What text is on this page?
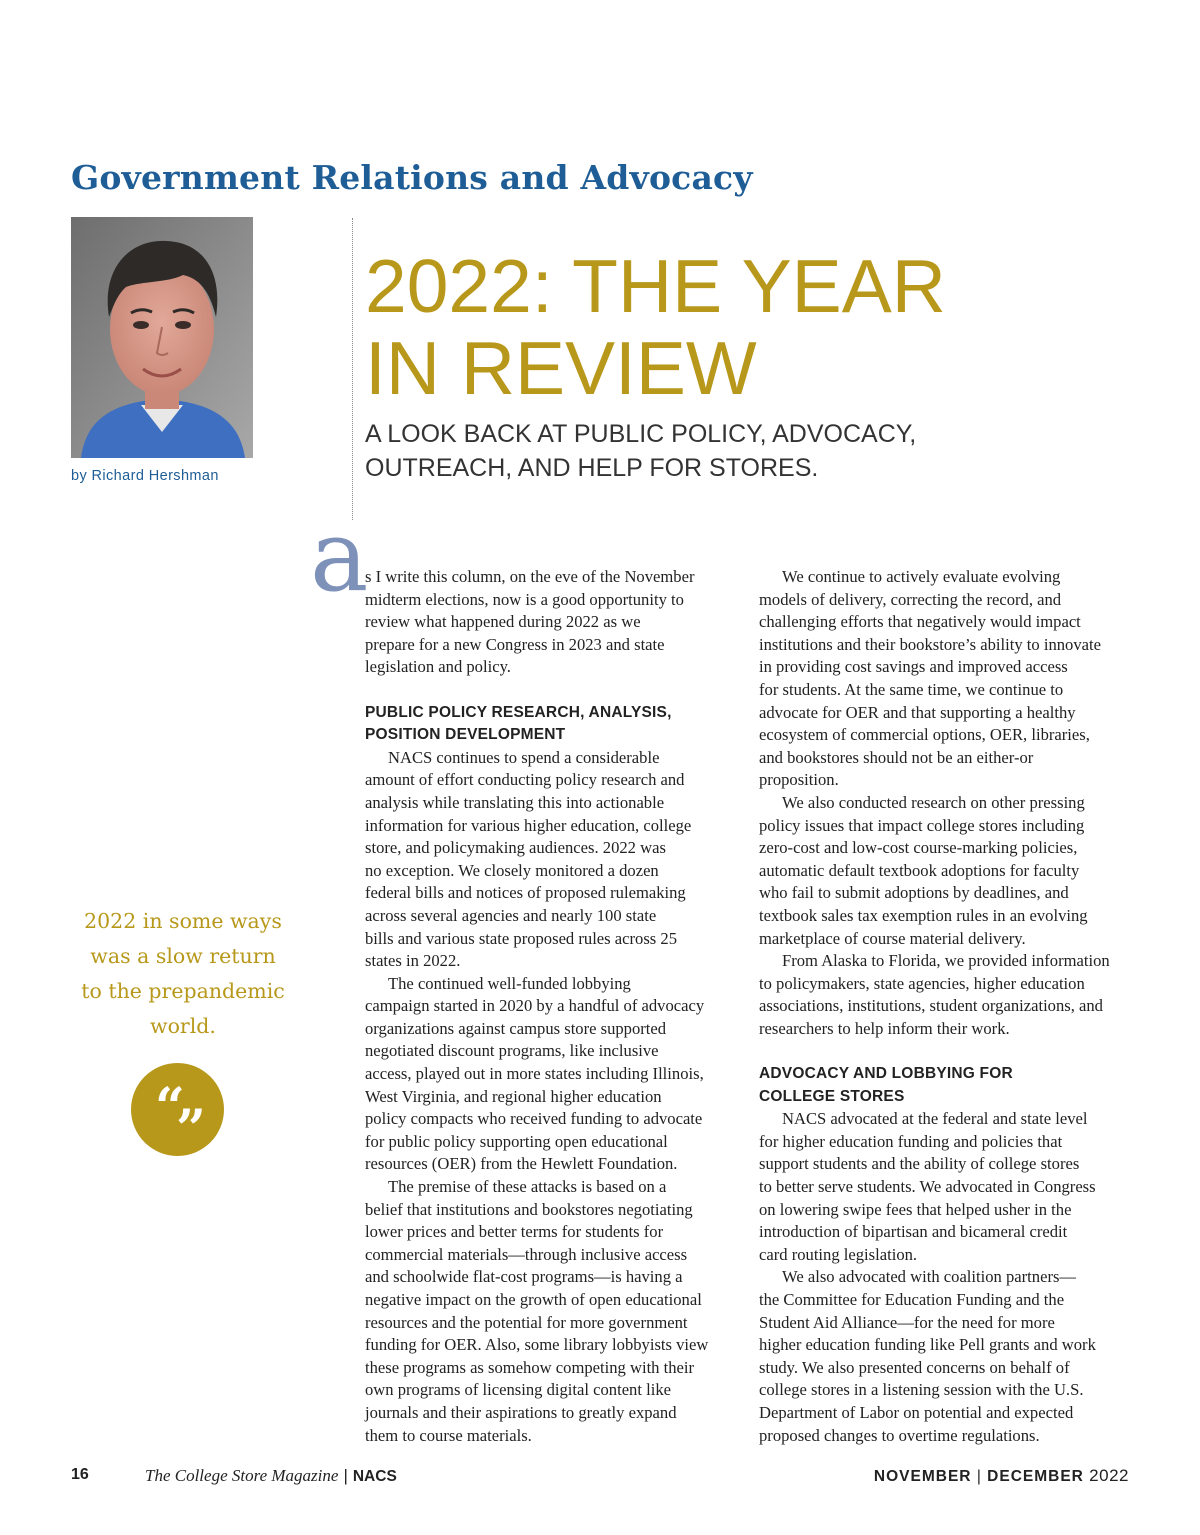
Government Relations and Advocacy
by Richard Hershman
2022: THE YEAR
IN REVIEW
A LOOK BACK AT PUBLIC POLICY, ADVOCACY,
OUTREACH, AND HELP FOR STORES.
2022 in some ways
was a slow return
to the prepandemic
world.
“
”
a
s I write this column, on the eve of the November
midterm elections, now is a good opportunity to
review what happened during 2022 as we
prepare for a new Congress in 2023 and state
legislation and policy.
PUBLIC POLICY RESEARCH, ANALYSIS,
POSITION DEVELOPMENT
NACS continues to spend a considerable
amount of effort conducting policy research and
analysis while translating this into actionable
information for various higher education, college
store, and policymaking audiences. 2022 was
no exception. We closely monitored a dozen
federal bills and notices of proposed rulemaking
across several agencies and nearly 100 state
bills and various state proposed rules across 25
states in 2022.
The continued well-funded lobbying
campaign started in 2020 by a handful of advocacy
organizations against campus store supported
negotiated discount programs, like inclusive
access, played out in more states including Illinois,
West Virginia, and regional higher education
policy compacts who received funding to advocate
for public policy supporting open educational
resources (OER) from the Hewlett Foundation.
The premise of these attacks is based on a
belief that institutions and bookstores negotiating
lower prices and better terms for students for
commercial materials—through inclusive access
and schoolwide flat-cost programs—is having a
negative impact on the growth of open educational
resources and the potential for more government
funding for OER. Also, some library lobbyists view
these programs as somehow competing with their
own programs of licensing digital content like
journals and their aspirations to greatly expand
them to course materials.
We continue to actively evaluate evolving
models of delivery, correcting the record, and
challenging efforts that negatively would impact
institutions and their bookstore’s ability to innovate
in providing cost savings and improved access
for students. At the same time, we continue to
advocate for OER and that supporting a healthy
ecosystem of commercial options, OER, libraries,
and bookstores should not be an either-or
proposition.
We also conducted research on other pressing
policy issues that impact college stores including
zero-cost and low-cost course-marking policies,
automatic default textbook adoptions for faculty
who fail to submit adoptions by deadlines, and
textbook sales tax exemption rules in an evolving
marketplace of course material delivery.
From Alaska to Florida, we provided information
to policymakers, state agencies, higher education
associations, institutions, student organizations, and
researchers to help inform their work.
ADVOCACY AND LOBBYING FOR
COLLEGE STORES
NACS advocated at the federal and state level
for higher education funding and policies that
support students and the ability of college stores
to better serve students. We advocated in Congress
on lowering swipe fees that helped usher in the
introduction of bipartisan and bicameral credit
card routing legislation.
We also advocated with coalition partners—
the Committee for Education Funding and the
Student Aid Alliance—for the need for more
higher education funding like Pell grants and work
study. We also presented concerns on behalf of
college stores in a listening session with the U.S.
Department of Labor on potential and expected
proposed changes to overtime regulations.
16	The College Store Magazine | NACS	NOVEMBER | DECEMBER 2022
